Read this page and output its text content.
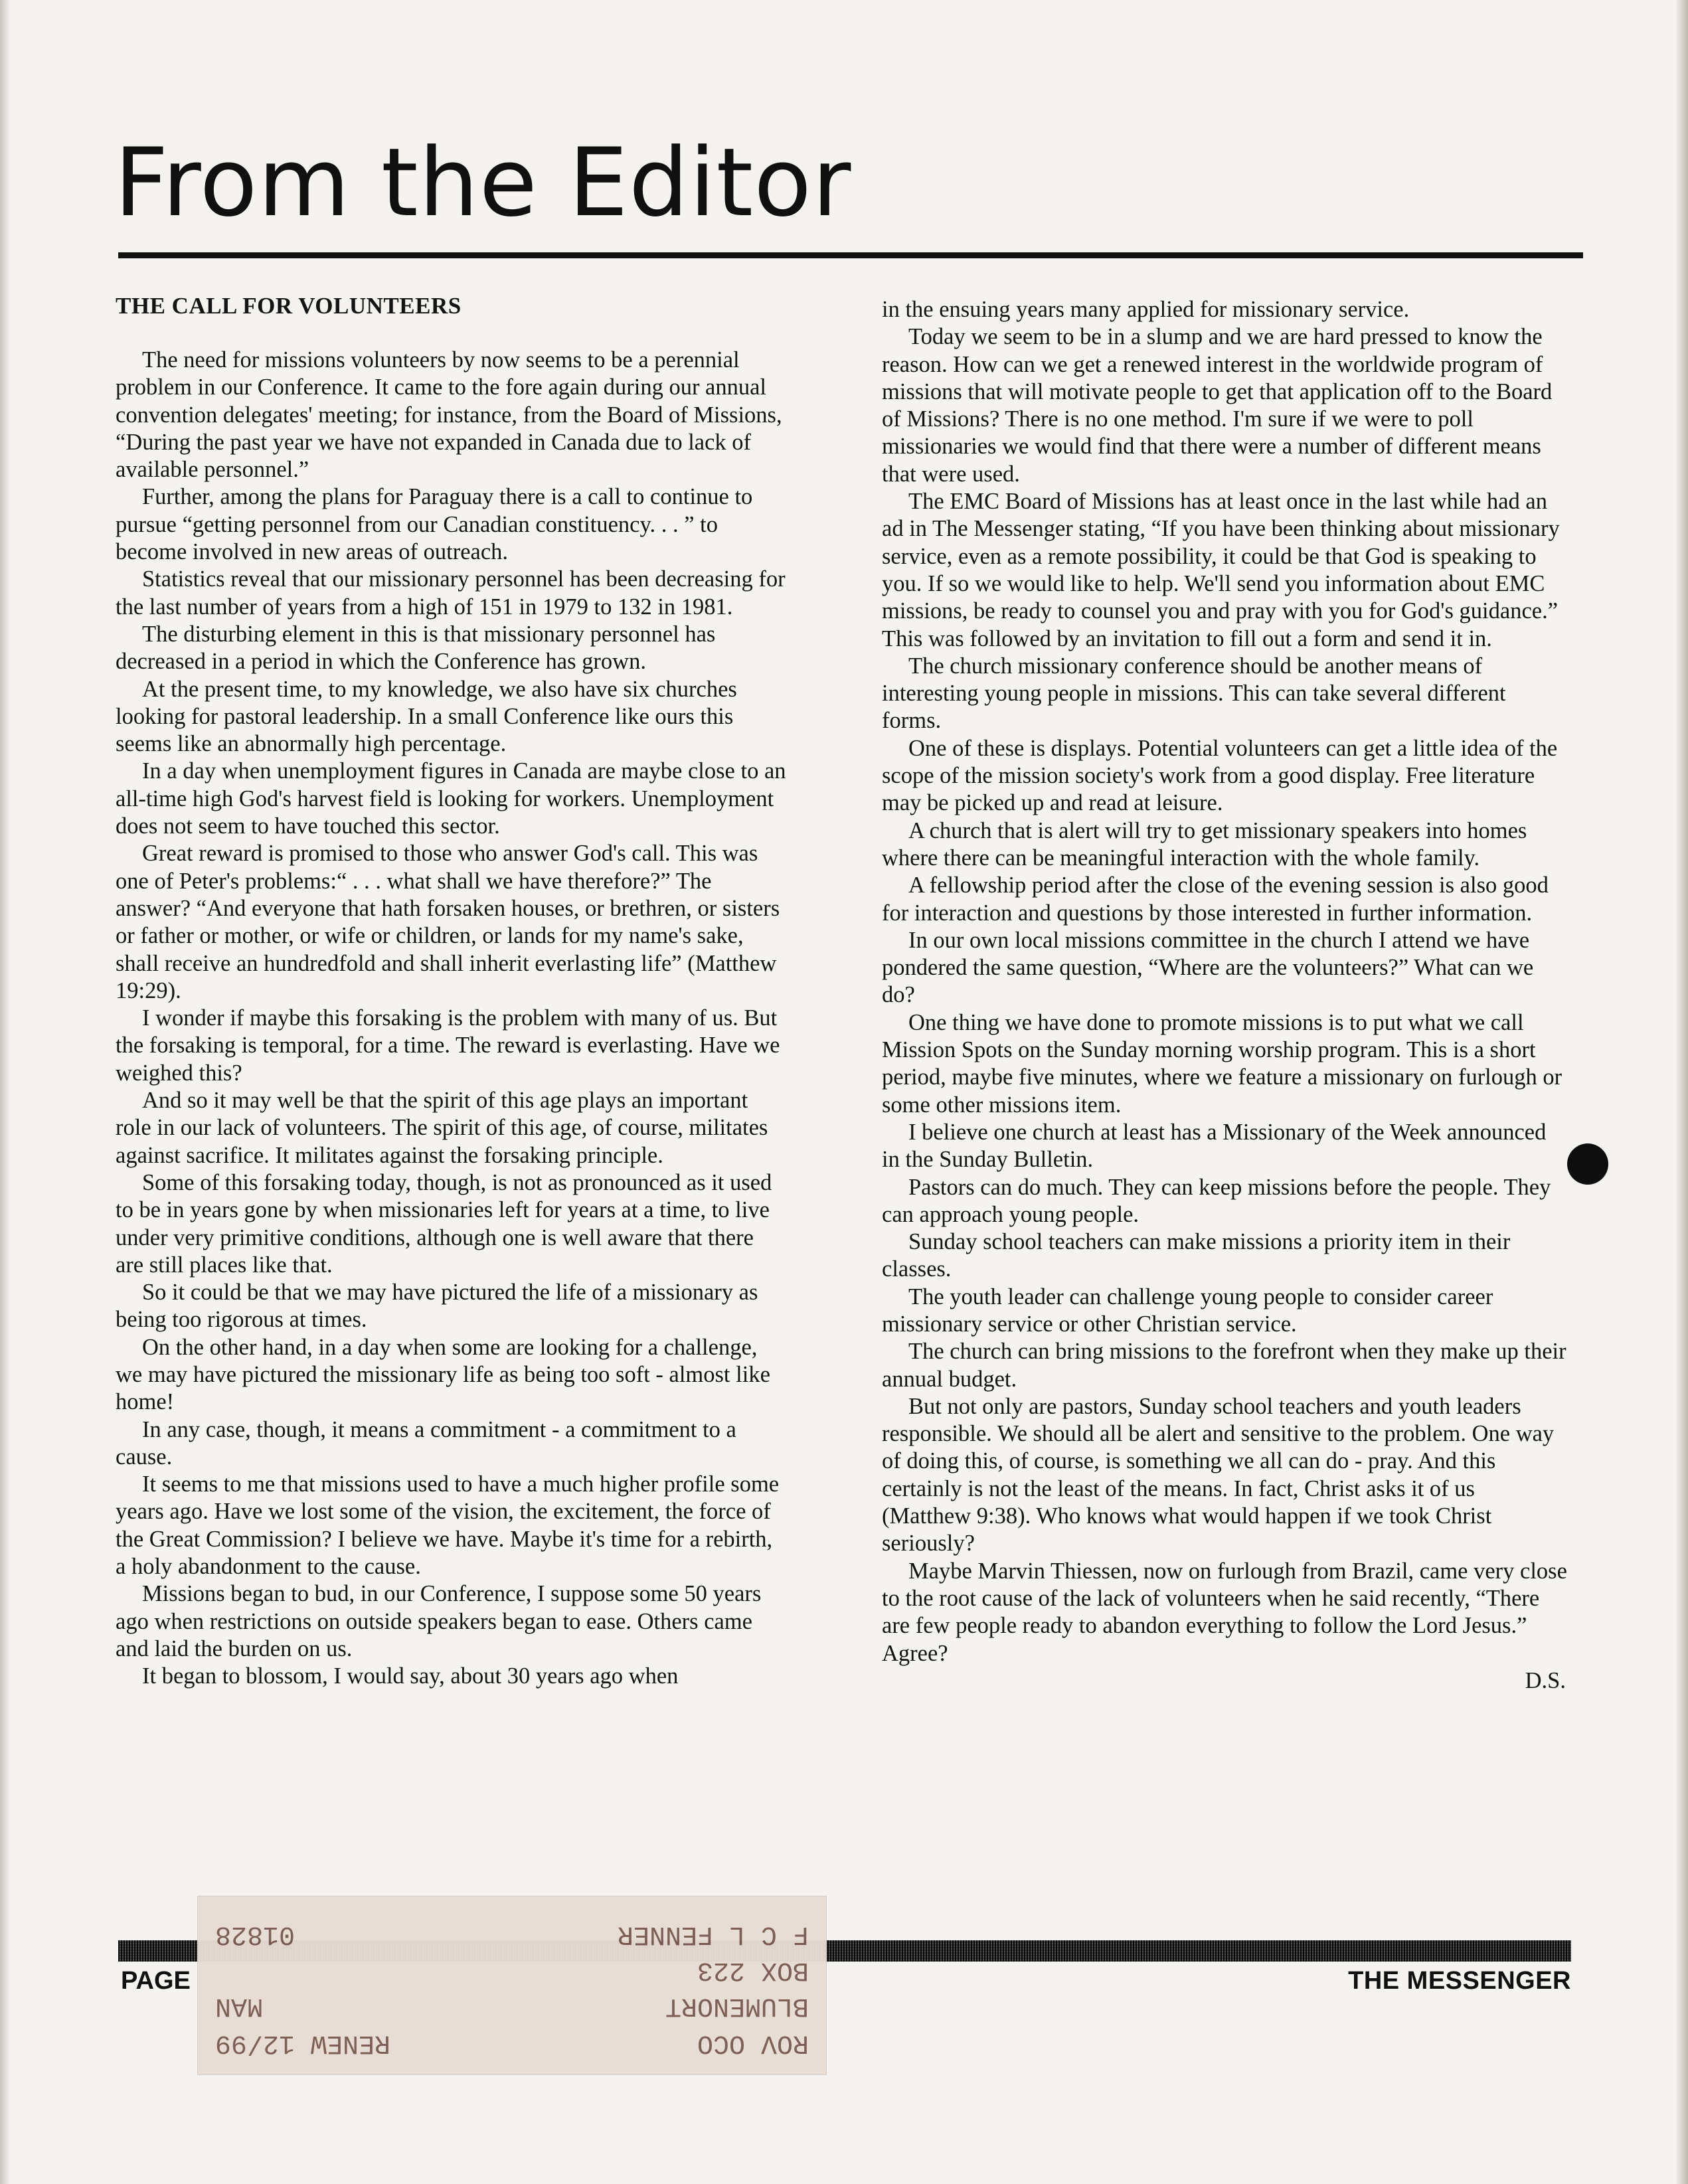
From the Editor
THE CALL FOR VOLUNTEERS

The need for missions volunteers by now seems to be a perennial problem in our Conference. It came to the fore again during our annual convention delegates' meeting; for instance, from the Board of Missions, “During the past year we have not expanded in Canada due to lack of available personnel.”

Further, among the plans for Paraguay there is a call to continue to pursue “getting personnel from our Canadian constituency. . . ” to become involved in new areas of outreach.

Statistics reveal that our missionary personnel has been decreasing for the last number of years from a high of 151 in 1979 to 132 in 1981.

The disturbing element in this is that missionary personnel has decreased in a period in which the Conference has grown.

At the present time, to my knowledge, we also have six churches looking for pastoral leadership. In a small Conference like ours this seems like an abnormally high percentage.

In a day when unemployment figures in Canada are maybe close to an all-time high God's harvest field is looking for workers. Unemployment does not seem to have touched this sector.

Great reward is promised to those who answer God's call. This was one of Peter's problems:“ . . . what shall we have therefore?” The answer? “And everyone that hath forsaken houses, or brethren, or sisters or father or mother, or wife or children, or lands for my name's sake, shall receive an hundredfold and shall inherit everlasting life” (Matthew 19:29).

I wonder if maybe this forsaking is the problem with many of us. But the forsaking is temporal, for a time. The reward is everlasting. Have we weighed this?

And so it may well be that the spirit of this age plays an important role in our lack of volunteers. The spirit of this age, of course, militates against sacrifice. It militates against the forsaking principle.

Some of this forsaking today, though, is not as pronounced as it used to be in years gone by when missionaries left for years at a time, to live under very primitive conditions, although one is well aware that there are still places like that.

So it could be that we may have pictured the life of a missionary as being too rigorous at times.

On the other hand, in a day when some are looking for a challenge, we may have pictured the missionary life as being too soft - almost like home!

In any case, though, it means a commitment - a commitment to a cause.

It seems to me that missions used to have a much higher profile some years ago. Have we lost some of the vision, the excitement, the force of the Great Commission? I believe we have. Maybe it's time for a rebirth, a holy abandonment to the cause.

Missions began to bud, in our Conference, I suppose some 50 years ago when restrictions on outside speakers began to ease. Others came and laid the burden on us.

It began to blossom, I would say, about 30 years ago when

in the ensuing years many applied for missionary service.

Today we seem to be in a slump and we are hard pressed to know the reason. How can we get a renewed interest in the worldwide program of missions that will motivate people to get that application off to the Board of Missions? There is no one method. I'm sure if we were to poll missionaries we would find that there were a number of different means that were used.

The EMC Board of Missions has at least once in the last while had an ad in The Messenger stating, “If you have been thinking about missionary service, even as a remote possibility, it could be that God is speaking to you. If so we would like to help. We'll send you information about EMC missions, be ready to counsel you and pray with you for God's guidance.” This was followed by an invitation to fill out a form and send it in.

The church missionary conference should be another means of interesting young people in missions. This can take several different forms.

One of these is displays. Potential volunteers can get a little idea of the scope of the mission society's work from a good display. Free literature may be picked up and read at leisure.

A church that is alert will try to get missionary speakers into homes where there can be meaningful interaction with the whole family.

A fellowship period after the close of the evening session is also good for interaction and questions by those interested in further information.

In our own local missions committee in the church I attend we have pondered the same question, “Where are the volunteers?” What can we do?

One thing we have done to promote missions is to put what we call Mission Spots on the Sunday morning worship program. This is a short period, maybe five minutes, where we feature a missionary on furlough or some other missions item.

I believe one church at least has a Missionary of the Week announced in the Sunday Bulletin.

Pastors can do much. They can keep missions before the people. They can approach young people.

Sunday school teachers can make missions a priority item in their classes.

The youth leader can challenge young people to consider career missionary service or other Christian service.

The church can bring missions to the forefront when they make up their annual budget.

But not only are pastors, Sunday school teachers and youth leaders responsible. We should all be alert and sensitive to the problem. One way of doing this, of course, is something we all can do - pray. And this certainly is not the least of the means. In fact, Christ asks it of us (Matthew 9:38). Who knows what would happen if we took Christ seriously?

Maybe Marvin Thiessen, now on furlough from Brazil, came very close to the root cause of the lack of volunteers when he said recently, “There are few people ready to abandon everything to follow the Lord Jesus.” Agree?

D.S.

PAGE	THE MESSENGER
ROV OCO
RENEW 12/99
BLUMENORT
MAN
BOX 223
F C L FENNER
01828
